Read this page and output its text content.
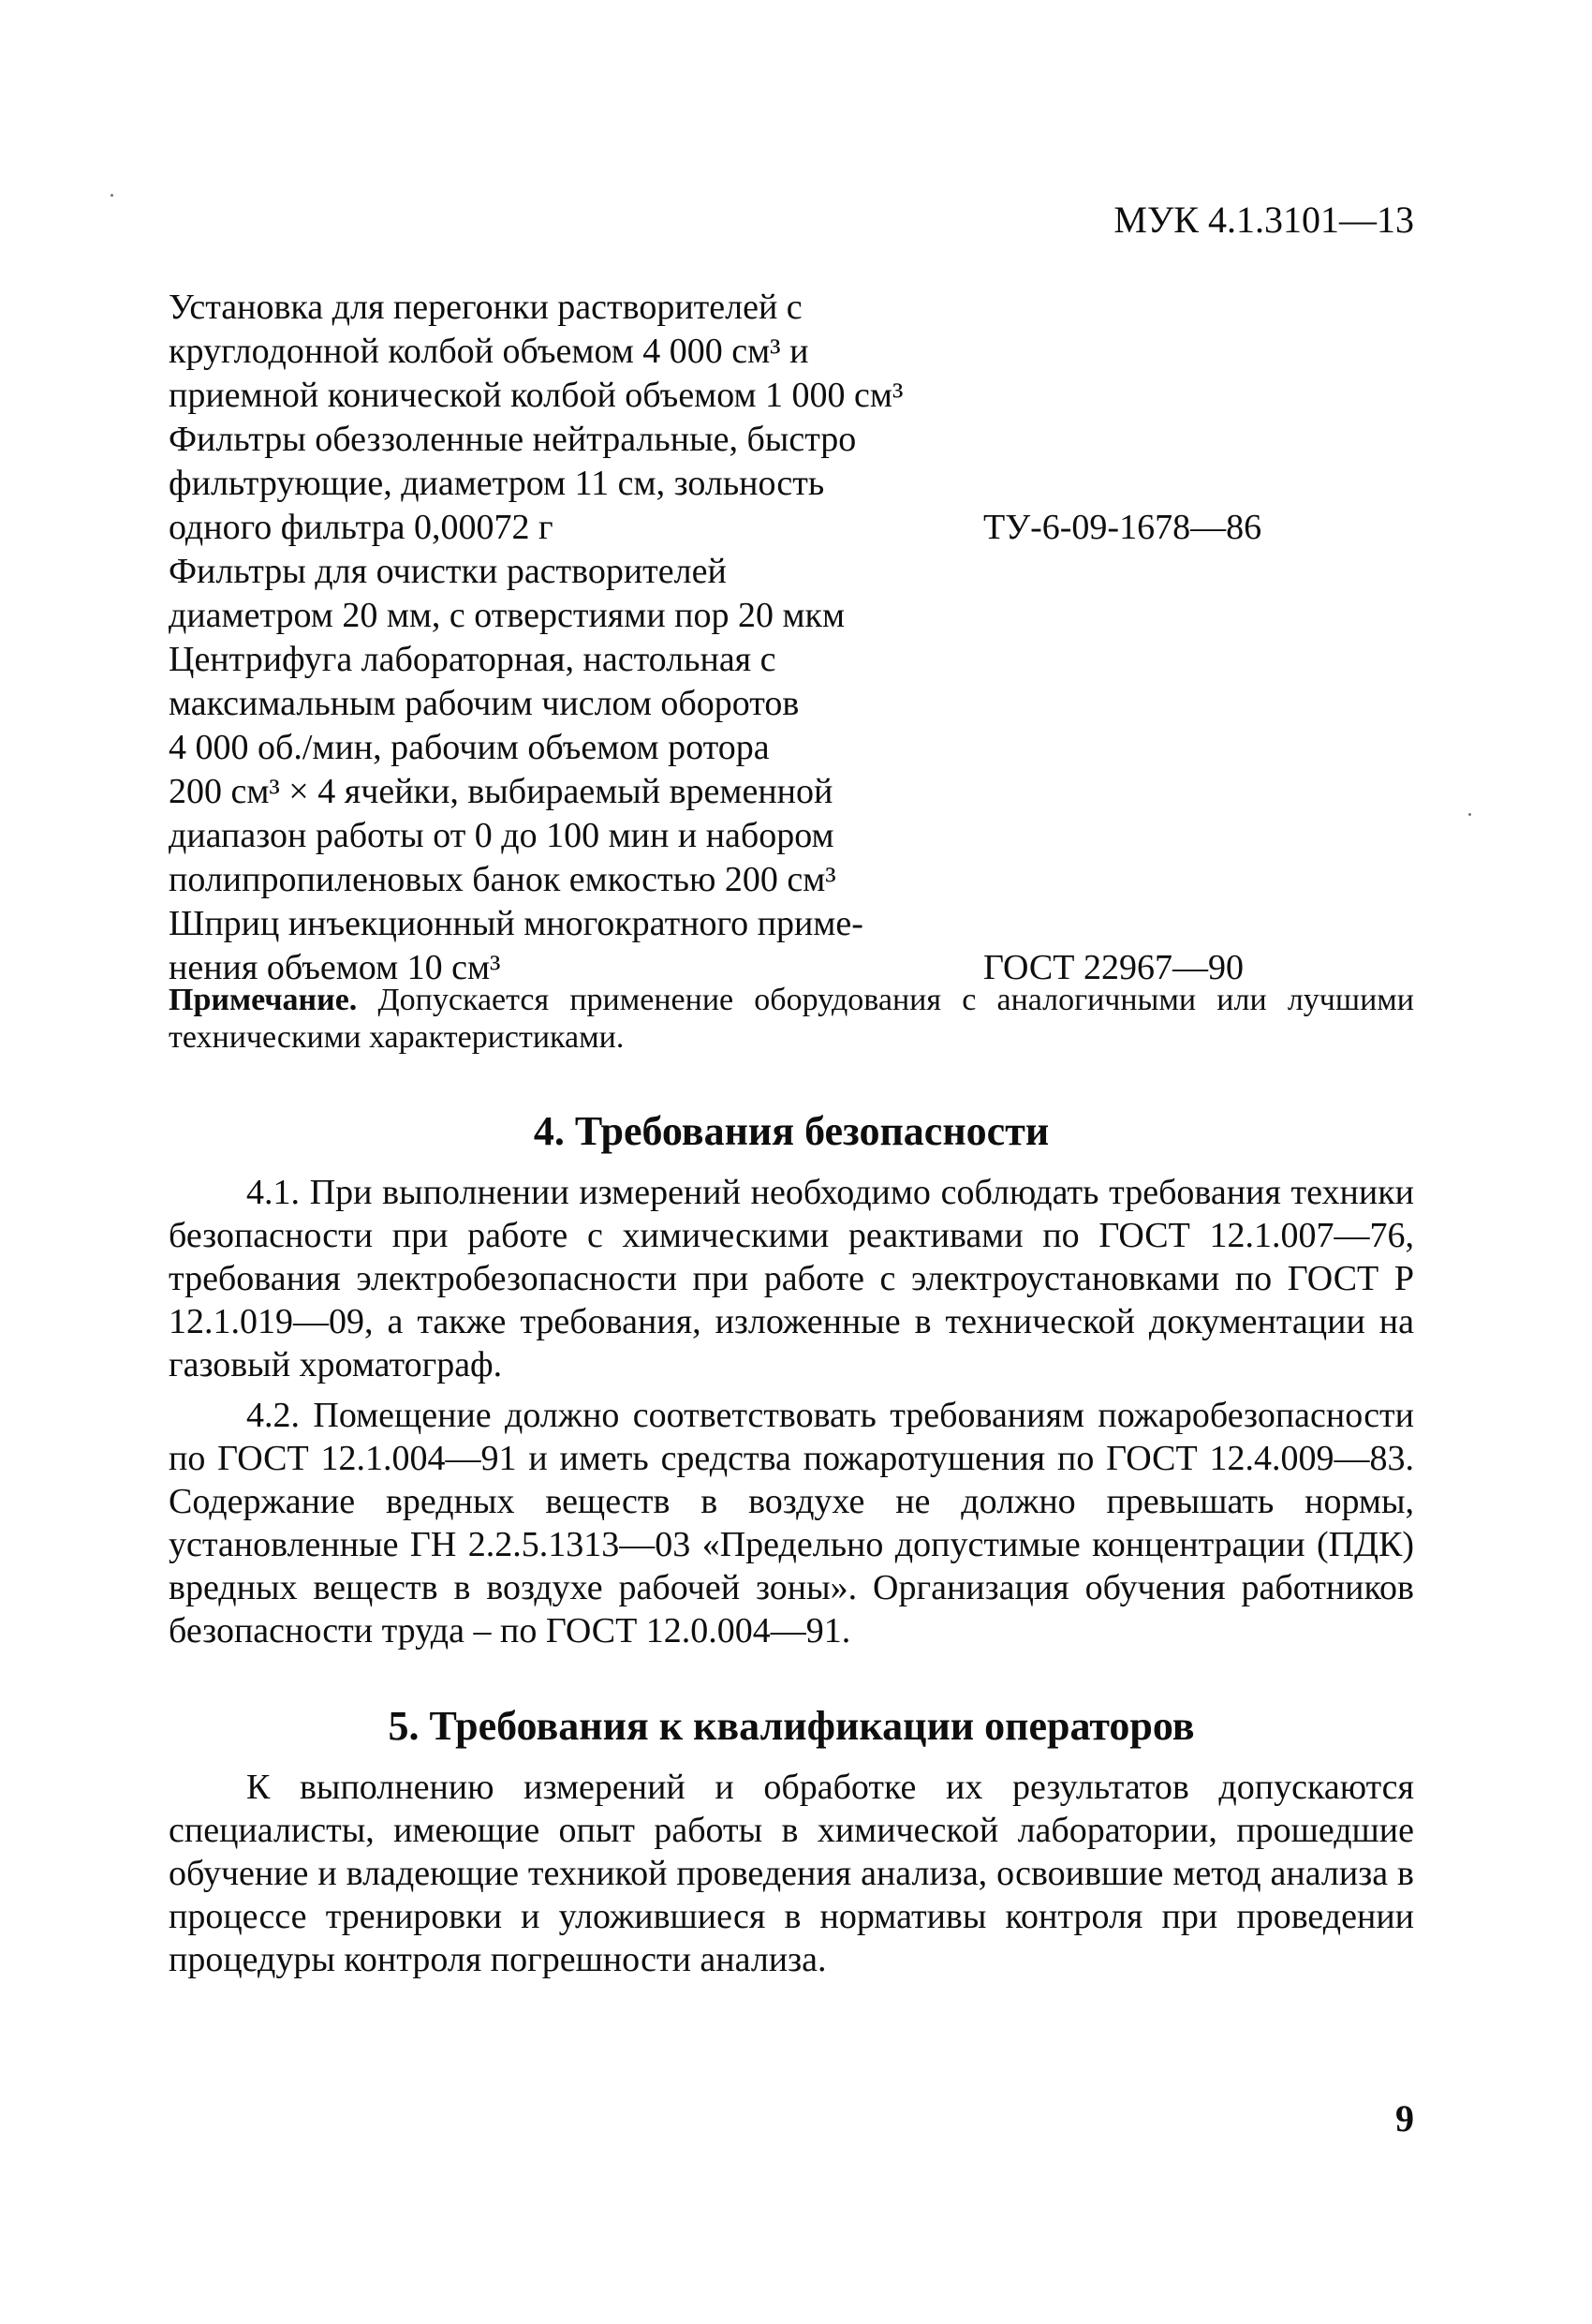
МУК 4.1.3101—13
Установка для перегонки растворителей с
круглодонной колбой объемом 4 000 см³ и
приемной конической колбой объемом 1 000 см³
Фильтры обеззоленные нейтральные, быстро
фильтрующие, диаметром 11 см, зольность
одного фильтра 0,00072 г	ТУ-6-09-1678—86
Фильтры для очистки растворителей
диаметром 20 мм, с отверстиями пор 20 мкм
Центрифуга лабораторная, настольная с
максимальным рабочим числом оборотов
4 000 об./мин, рабочим объемом ротора
200 см³ × 4 ячейки, выбираемый временной
диапазон работы от 0 до 100 мин и набором
полипропиленовых банок емкостью 200 см³
Шприц инъекционный многократного приме-
нения объемом 10 см³	ГОСТ 22967—90
Примечание. Допускается применение оборудования с аналогичными или лучшими техническими характеристиками.
4. Требования безопасности

4.1. При выполнении измерений необходимо соблюдать требования техники безопасности при работе с химическими реактивами по ГОСТ 12.1.007—76, требования электробезопасности при работе с электроустановками по ГОСТ Р 12.1.019—09, а также требования, изложенные в технической документации на газовый хроматограф.

4.2. Помещение должно соответствовать требованиям пожаробезопасности по ГОСТ 12.1.004—91 и иметь средства пожаротушения по ГОСТ 12.4.009—83. Содержание вредных веществ в воздухе не должно превышать нормы, установленные ГН 2.2.5.1313—03 «Предельно допустимые концентрации (ПДК) вредных веществ в воздухе рабочей зоны». Организация обучения работников безопасности труда – по ГОСТ 12.0.004—91.

5. Требования к квалификации операторов

К выполнению измерений и обработке их результатов допускаются специалисты, имеющие опыт работы в химической лаборатории, прошедшие обучение и владеющие техникой проведения анализа, освоившие метод анализа в процессе тренировки и уложившиеся в нормативы контроля при проведении процедуры контроля погрешности анализа.

9
